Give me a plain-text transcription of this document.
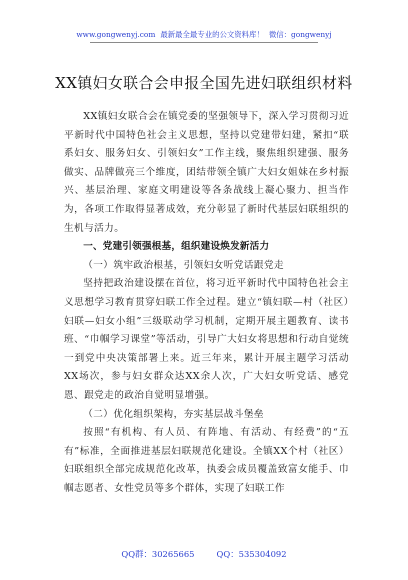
www.gongwenyj.com 最新最全最专业的公文资料库！ 微信：gongwenyj
XX镇妇女联合会申报全国先进妇联组织材料

XX镇妇女联合会在镇党委的坚强领导下，深入学习贯彻习近平新时代中国特色社会主义思想，坚持以党建带妇建，紧扣“联系妇女、服务妇女、引领妇女”工作主线，聚焦组织建强、服务做实、品牌做亮三个维度，团结带领全镇广大妇女姐妹在乡村振兴、基层治理、家庭文明建设等各条战线上凝心聚力、担当作为，各项工作取得显著成效，充分彰显了新时代基层妇联组织的生机与活力。

一、党建引领强根基，组织建设焕发新活力

（一）筑牢政治根基，引领妇女听党话跟党走

坚持把政治建设摆在首位，将习近平新时代中国特色社会主义思想学习教育贯穿妇联工作全过程。建立“镇妇联—村（社区）妇联—妇女小组”三级联动学习机制，定期开展主题教育、读书班、“巾帼学习课堂”等活动，引导广大妇女将思想和行动自觉统一到党中央决策部署上来。近三年来，累计开展主题学习活动XX场次，参与妇女群众达XX余人次，广大妇女听党话、感党恩、跟党走的政治自觉明显增强。

（二）优化组织架构，夯实基层战斗堡垒

按照“有机构、有人员、有阵地、有活动、有经费”的“五有”标准，全面推进基层妇联规范化建设。全镇XX个村（社区）妇联组织全部完成规范化改革，执委会成员覆盖致富女能手、巾帼志愿者、女性党员等多个群体，实现了妇联工作

QQ群：30265665	QQ：535304092
